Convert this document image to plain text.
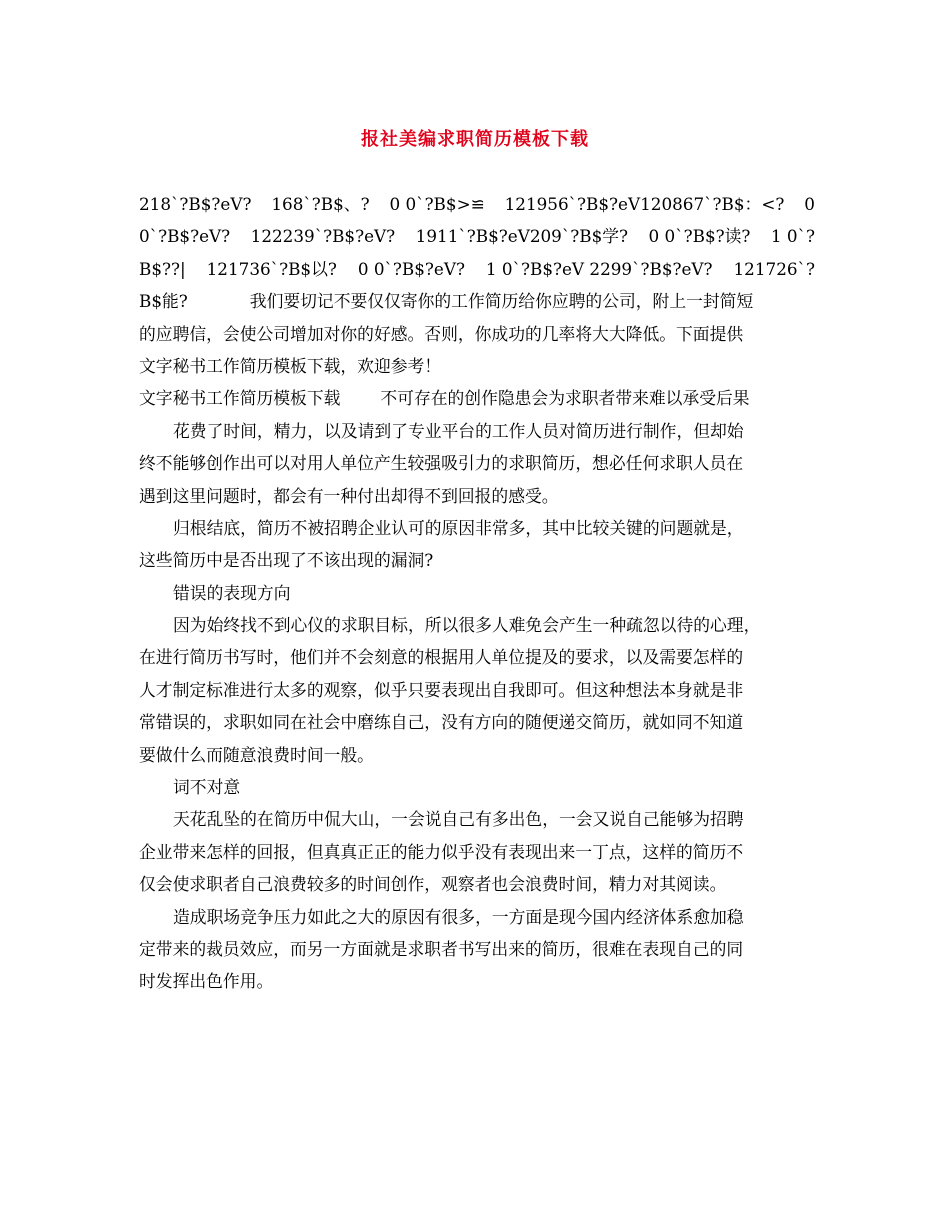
报社美编求职简历模板下载
218`?B$?eV? 168`?B$、? 0 0`?B$>≌ 121956`?B$?eV120867`?B$：<? 0
0`?B$?eV? 122239`?B$?eV? 1911`?B$?eV209`?B$学? 0 0`?B$?读? 1 0`?
B$??| 121736`?B$以? 0 0`?B$?eV? 1 0`?B$?eV 2299`?B$?eV? 121726`?
B$能?	我们要切记不要仅仅寄你的工作简历给你应聘的公司，附上一封简短
的应聘信，会使公司增加对你的好感。否则，你成功的几率将大大降低。下面提供
文字秘书工作简历模板下载，欢迎参考！
文字秘书工作简历模板下载 不可存在的创作隐患会为求职者带来难以承受后果
花费了时间，精力，以及请到了专业平台的工作人员对简历进行制作，但却始
终不能够创作出可以对用人单位产生较强吸引力的求职简历，想必任何求职人员在
遇到这里问题时，都会有一种付出却得不到回报的感受。
归根结底，简历不被招聘企业认可的原因非常多，其中比较关键的问题就是，
这些简历中是否出现了不该出现的漏洞?
错误的表现方向
因为始终找不到心仪的求职目标，所以很多人难免会产生一种疏忽以待的心理，
在进行简历书写时，他们并不会刻意的根据用人单位提及的要求，以及需要怎样的
人才制定标准进行太多的观察，似乎只要表现出自我即可。但这种想法本身就是非
常错误的，求职如同在社会中磨练自己，没有方向的随便递交简历，就如同不知道
要做什么而随意浪费时间一般。
词不对意
天花乱坠的在简历中侃大山，一会说自己有多出色，一会又说自己能够为招聘
企业带来怎样的回报，但真真正正的能力似乎没有表现出来一丁点，这样的简历不
仅会使求职者自己浪费较多的时间创作，观察者也会浪费时间，精力对其阅读。
造成职场竞争压力如此之大的原因有很多，一方面是现今国内经济体系愈加稳
定带来的裁员效应，而另一方面就是求职者书写出来的简历，很难在表现自己的同
时发挥出色作用。
